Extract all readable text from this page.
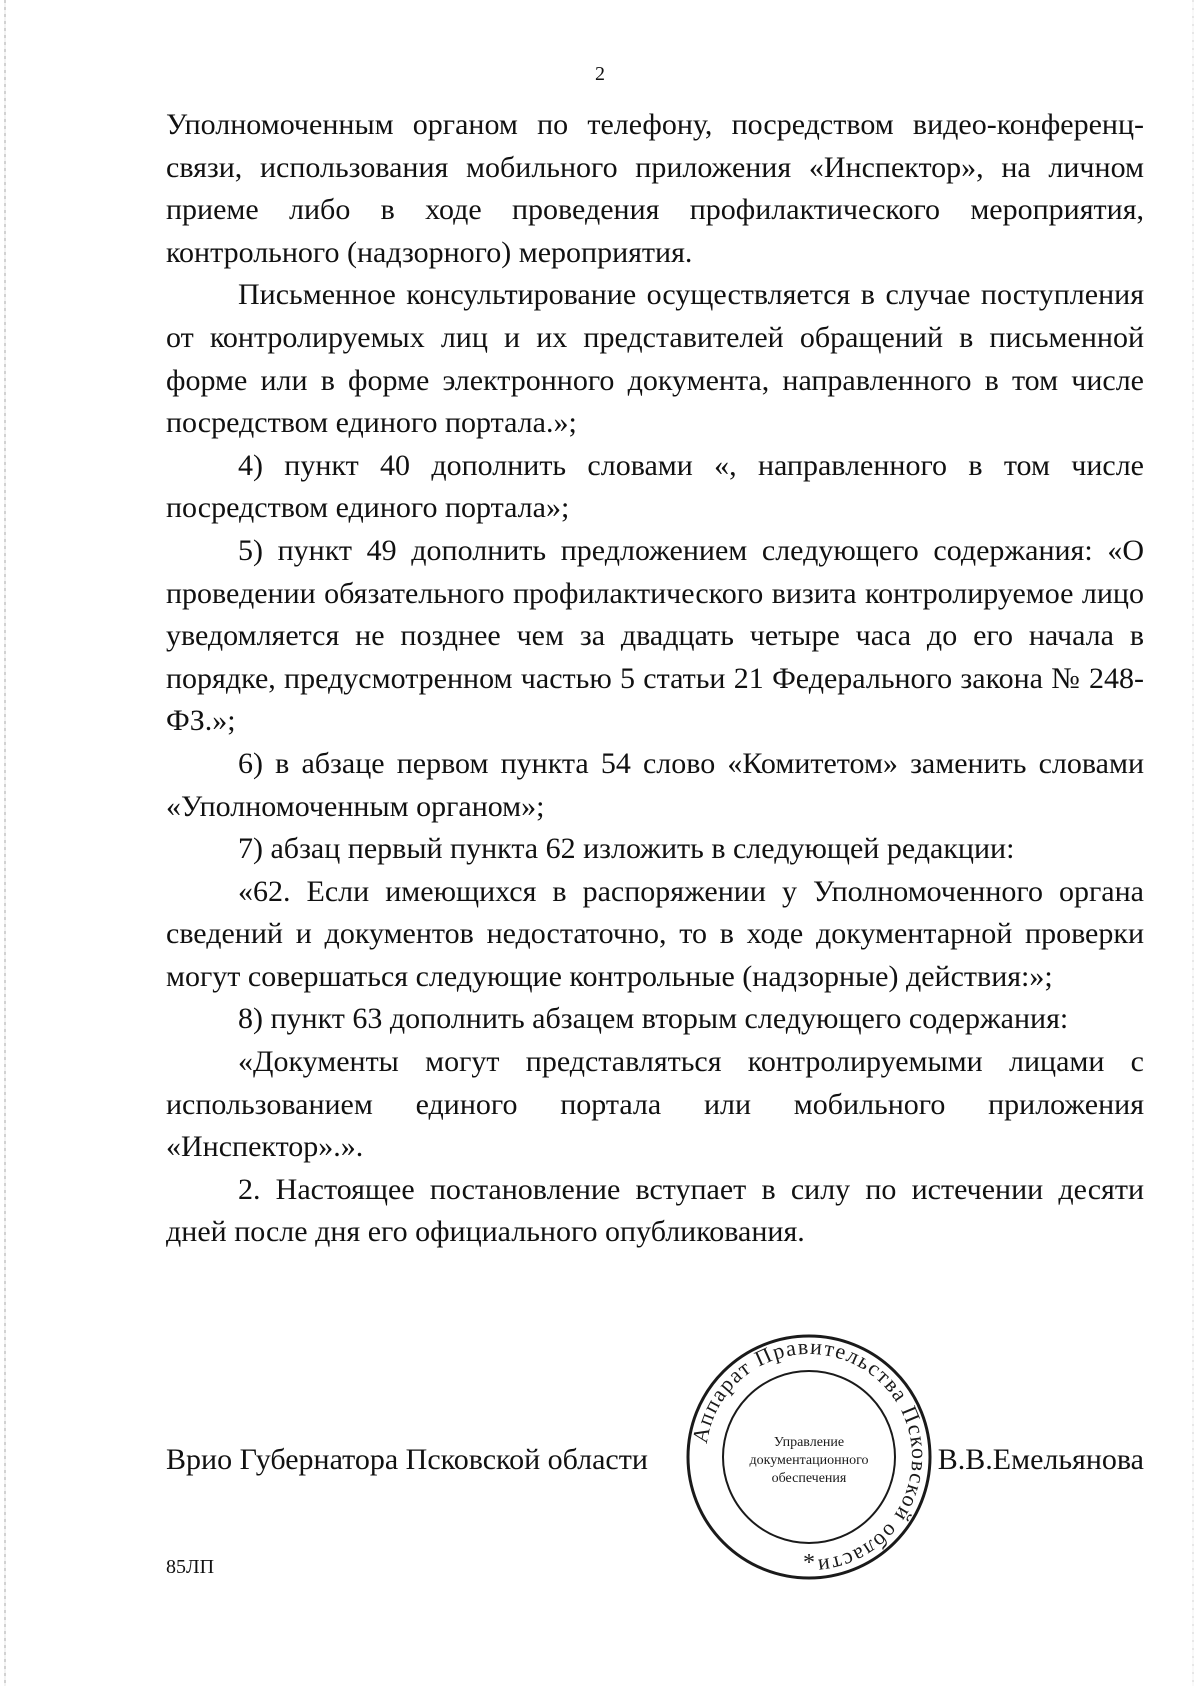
2

Уполномоченным органом по телефону, посредством видео-конференц-связи, использования мобильного приложения «Инспектор», на личном приеме либо в ходе проведения профилактического мероприятия, контрольного (надзорного) мероприятия.

Письменное консультирование осуществляется в случае поступления от контролируемых лиц и их представителей обращений в письменной форме или в форме электронного документа, направленного в том числе посредством единого портала.»;

4) пункт 40 дополнить словами «, направленного в том числе посредством единого портала»;

5) пункт 49 дополнить предложением следующего содержания: «О проведении обязательного профилактического визита контролируемое лицо уведомляется не позднее чем за двадцать четыре часа до его начала в порядке, предусмотренном частью 5 статьи 21 Федерального закона № 248-ФЗ.»;

6) в абзаце первом пункта 54 слово «Комитетом» заменить словами «Уполномоченным органом»;

7) абзац первый пункта 62 изложить в следующей редакции:

«62. Если имеющихся в распоряжении у Уполномоченного органа сведений и документов недостаточно, то в ходе документарной проверки могут совершаться следующие контрольные (надзорные) действия:»;

8) пункт 63 дополнить абзацем вторым следующего содержания:

«Документы могут представляться контролируемыми лицами с использованием единого портала или мобильного приложения «Инспектор».».

2. Настоящее постановление вступает в силу по истечении десяти дней после дня его официального опубликования.

Врио Губернатора Псковской области	В.В.Емельянова
Аппарат Правительства Псковской области
Управление
документационного
обеспечения
*
85ЛП
